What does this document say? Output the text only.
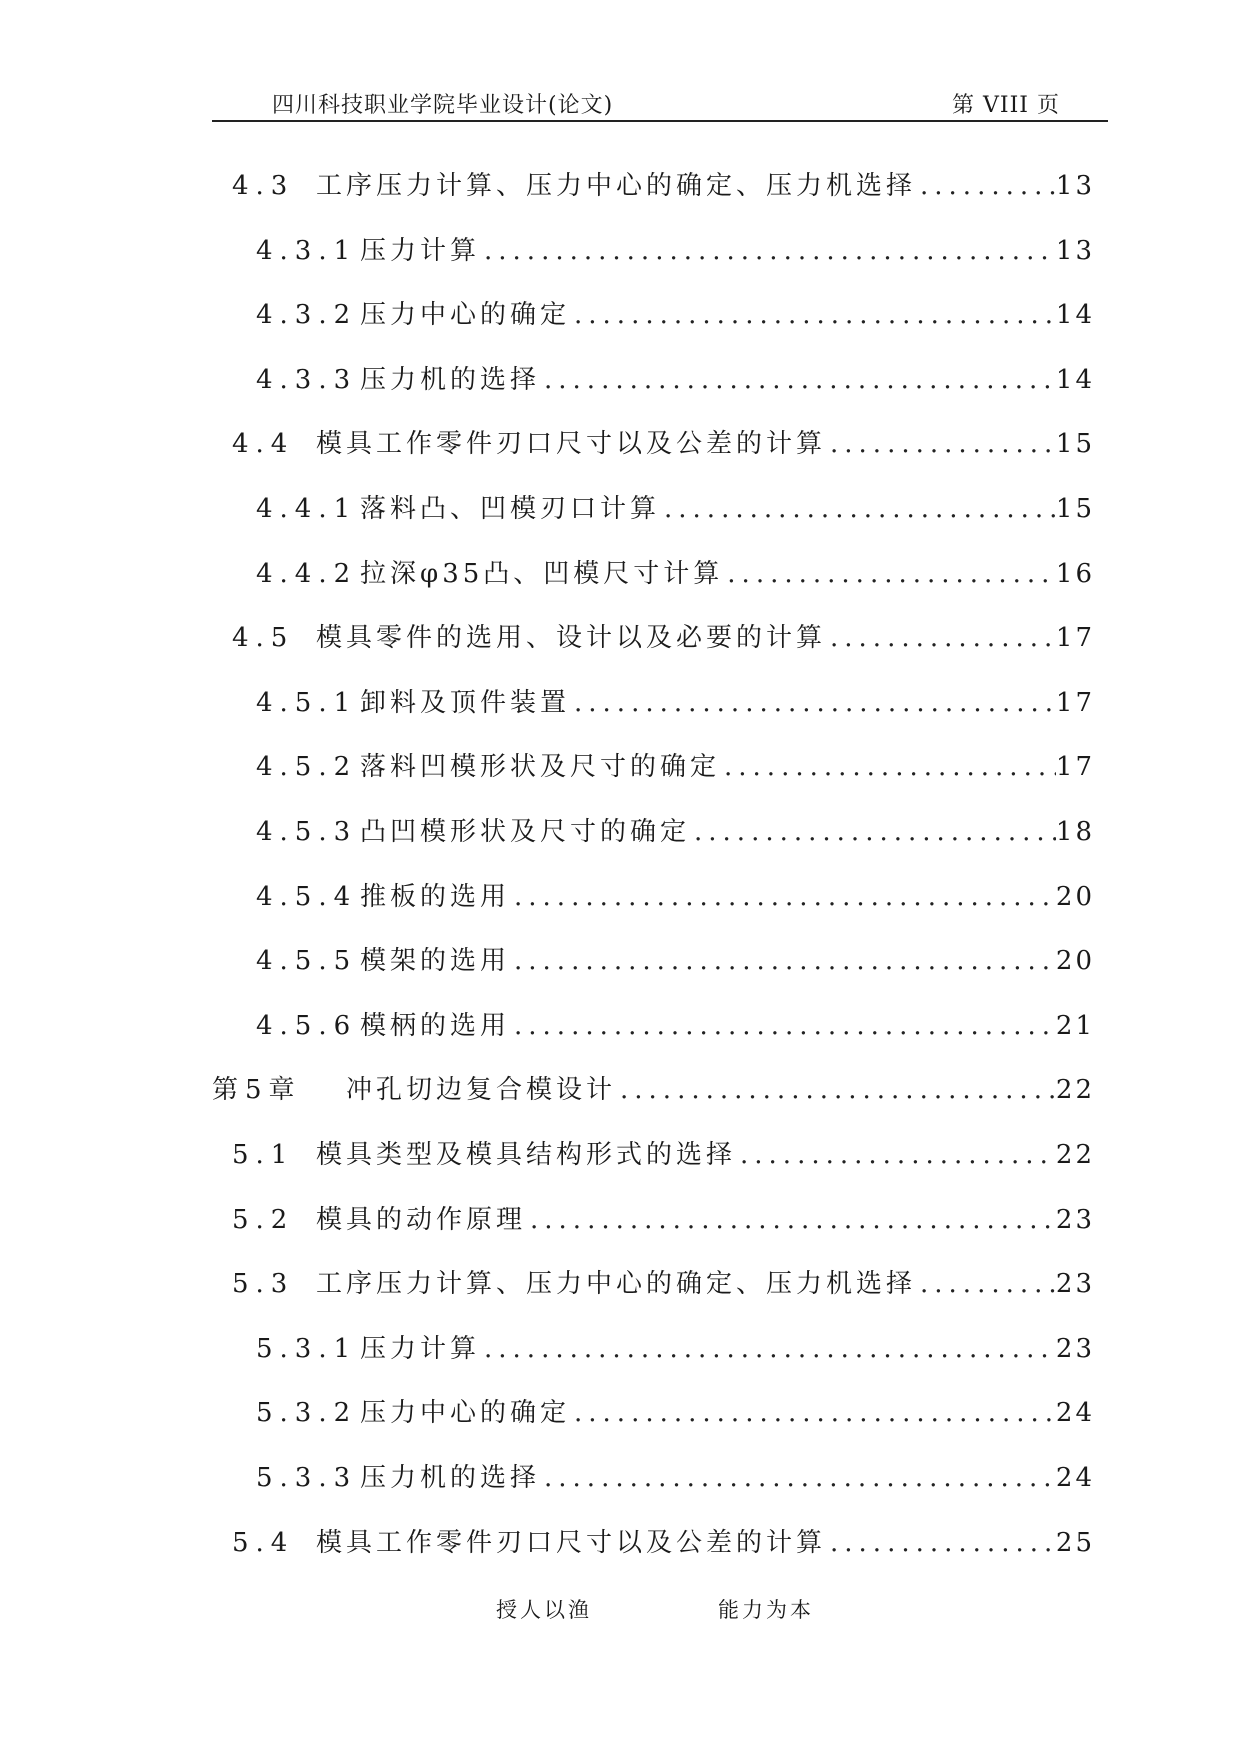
四川科技职业学院毕业设计(论文)	第 VIII 页
4.3 工序压力计算、压力中心的确定、压力机选择 .....	13
4.3.1 压力计算 .....	13
4.3.2 压力中心的确定 .....	14
4.3.3 压力机的选择 .....	14
4.4 模具工作零件刃口尺寸以及公差的计算 .....	15
4.4.1 落料凸、凹模刃口计算 .....	15
4.4.2 拉深φ35凸、凹模尺寸计算 .....	16
4.5 模具零件的选用、设计以及必要的计算 .....	17
4.5.1 卸料及顶件装置 .....	17
4.5.2 落料凹模形状及尺寸的确定 .....	17
4.5.3 凸凹模形状及尺寸的确定 .....	18
4.5.4 推板的选用 .....	20
4.5.5 模架的选用 .....	20
4.5.6 模柄的选用 .....	21
第5章	冲孔切边复合模设计 .....	22
5.1 模具类型及模具结构形式的选择 .....	22
5.2 模具的动作原理 .....	23
5.3 工序压力计算、压力中心的确定、压力机选择 .....	23
5.3.1 压力计算 .....	23
5.3.2 压力中心的确定 .....	24
5.3.3 压力机的选择 .....	24
5.4 模具工作零件刃口尺寸以及公差的计算 .....	25
授人以渔	能力为本
